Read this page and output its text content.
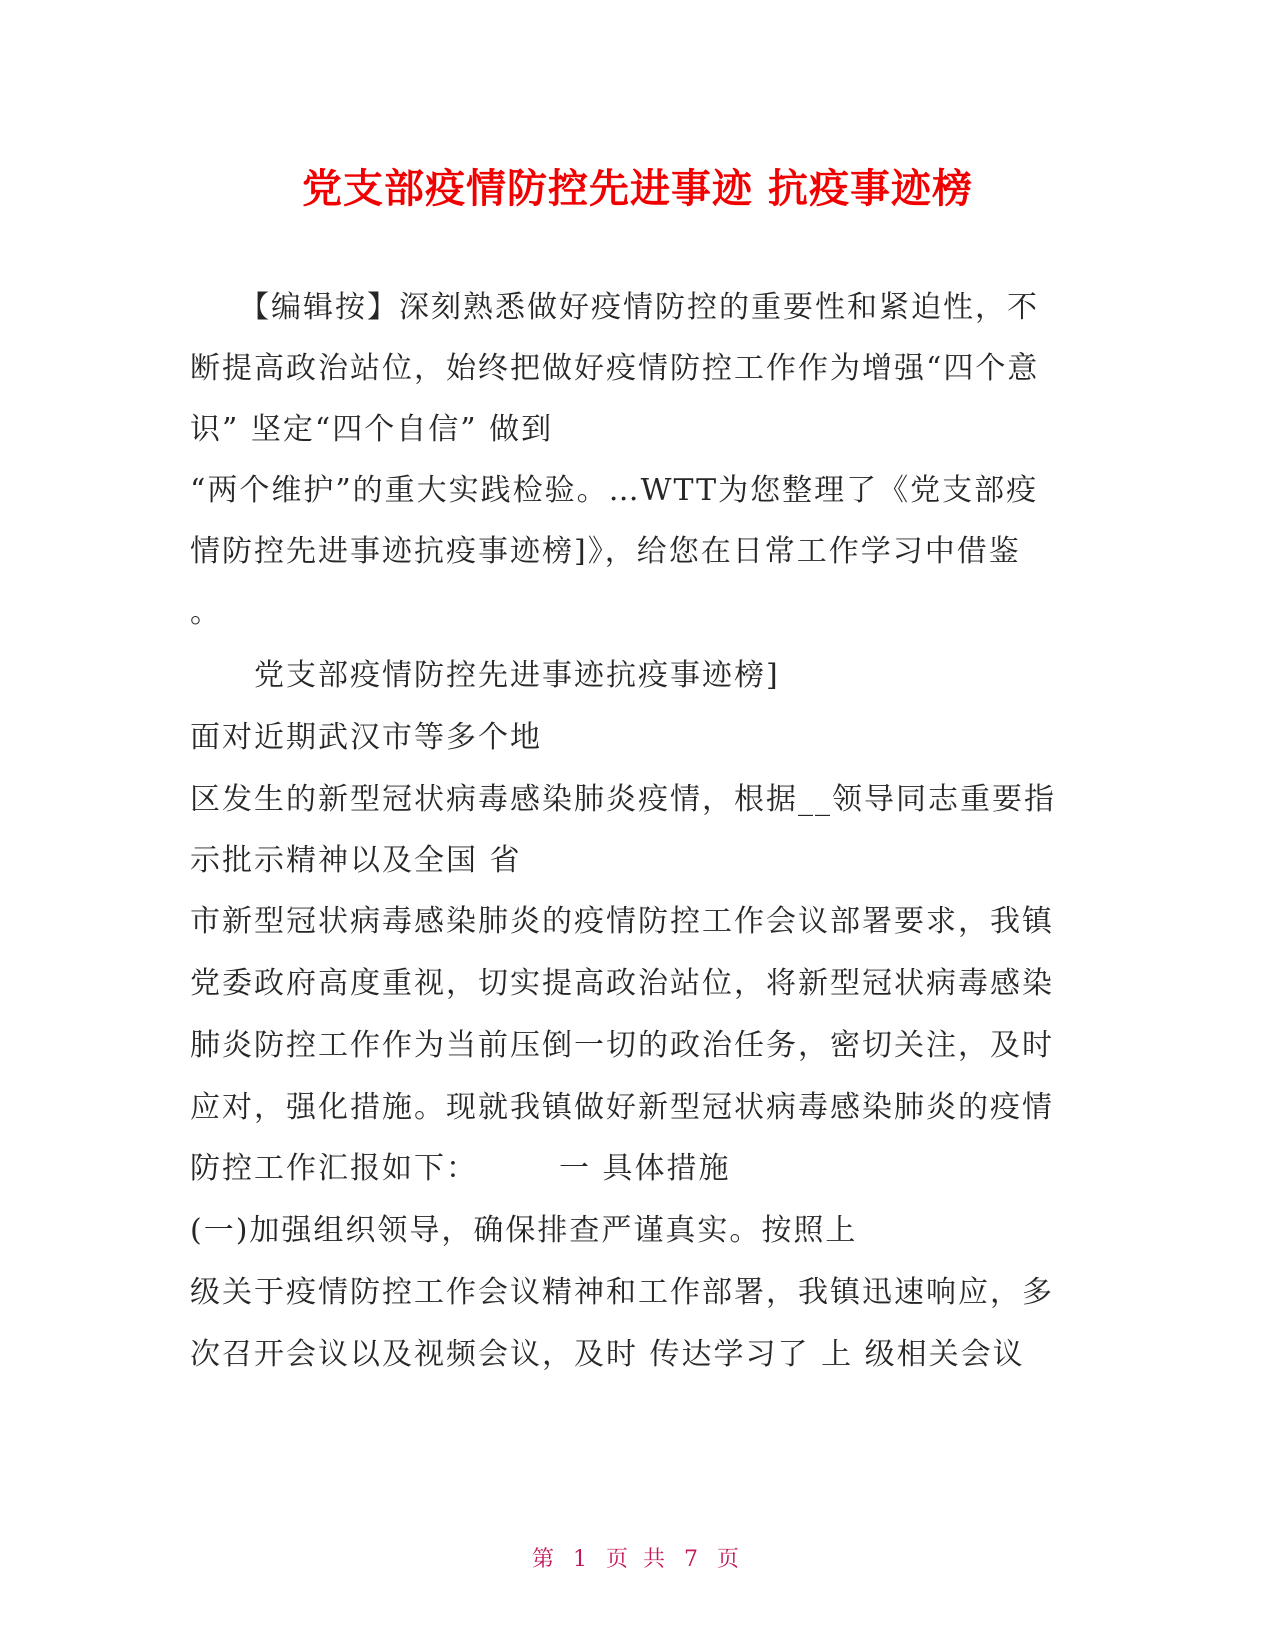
党支部疫情防控先进事迹 抗疫事迹榜

　　【编辑按】深刻熟悉做好疫情防控的重要性和紧迫性，不

断提高政治站位，始终把做好疫情防控工作作为增强“四个意

识” 坚定“四个自信” 做到

“两个维护”的重大实践检验。…WTT为您整理了《党支部疫

情防控先进事迹抗疫事迹榜]》，给您在日常工作学习中借鉴

。

　　党支部疫情防控先进事迹抗疫事迹榜]

面对近期武汉市等多个地

区发生的新型冠状病毒感染肺炎疫情，根据__领导同志重要指

示批示精神以及全国 省

市新型冠状病毒感染肺炎的疫情防控工作会议部署要求，我镇

党委政府高度重视，切实提高政治站位，将新型冠状病毒感染

肺炎防控工作作为当前压倒一切的政治任务，密切关注，及时

应对，强化措施。现就我镇做好新型冠状病毒感染肺炎的疫情

防控工作汇报如下：　　　一 具体措施

(一)加强组织领导，确保排查严谨真实。按照上

级关于疫情防控工作会议精神和工作部署，我镇迅速响应，多

次召开会议以及视频会议，及时 传达学习了 上 级相关会议

第 1 页 共 7 页
